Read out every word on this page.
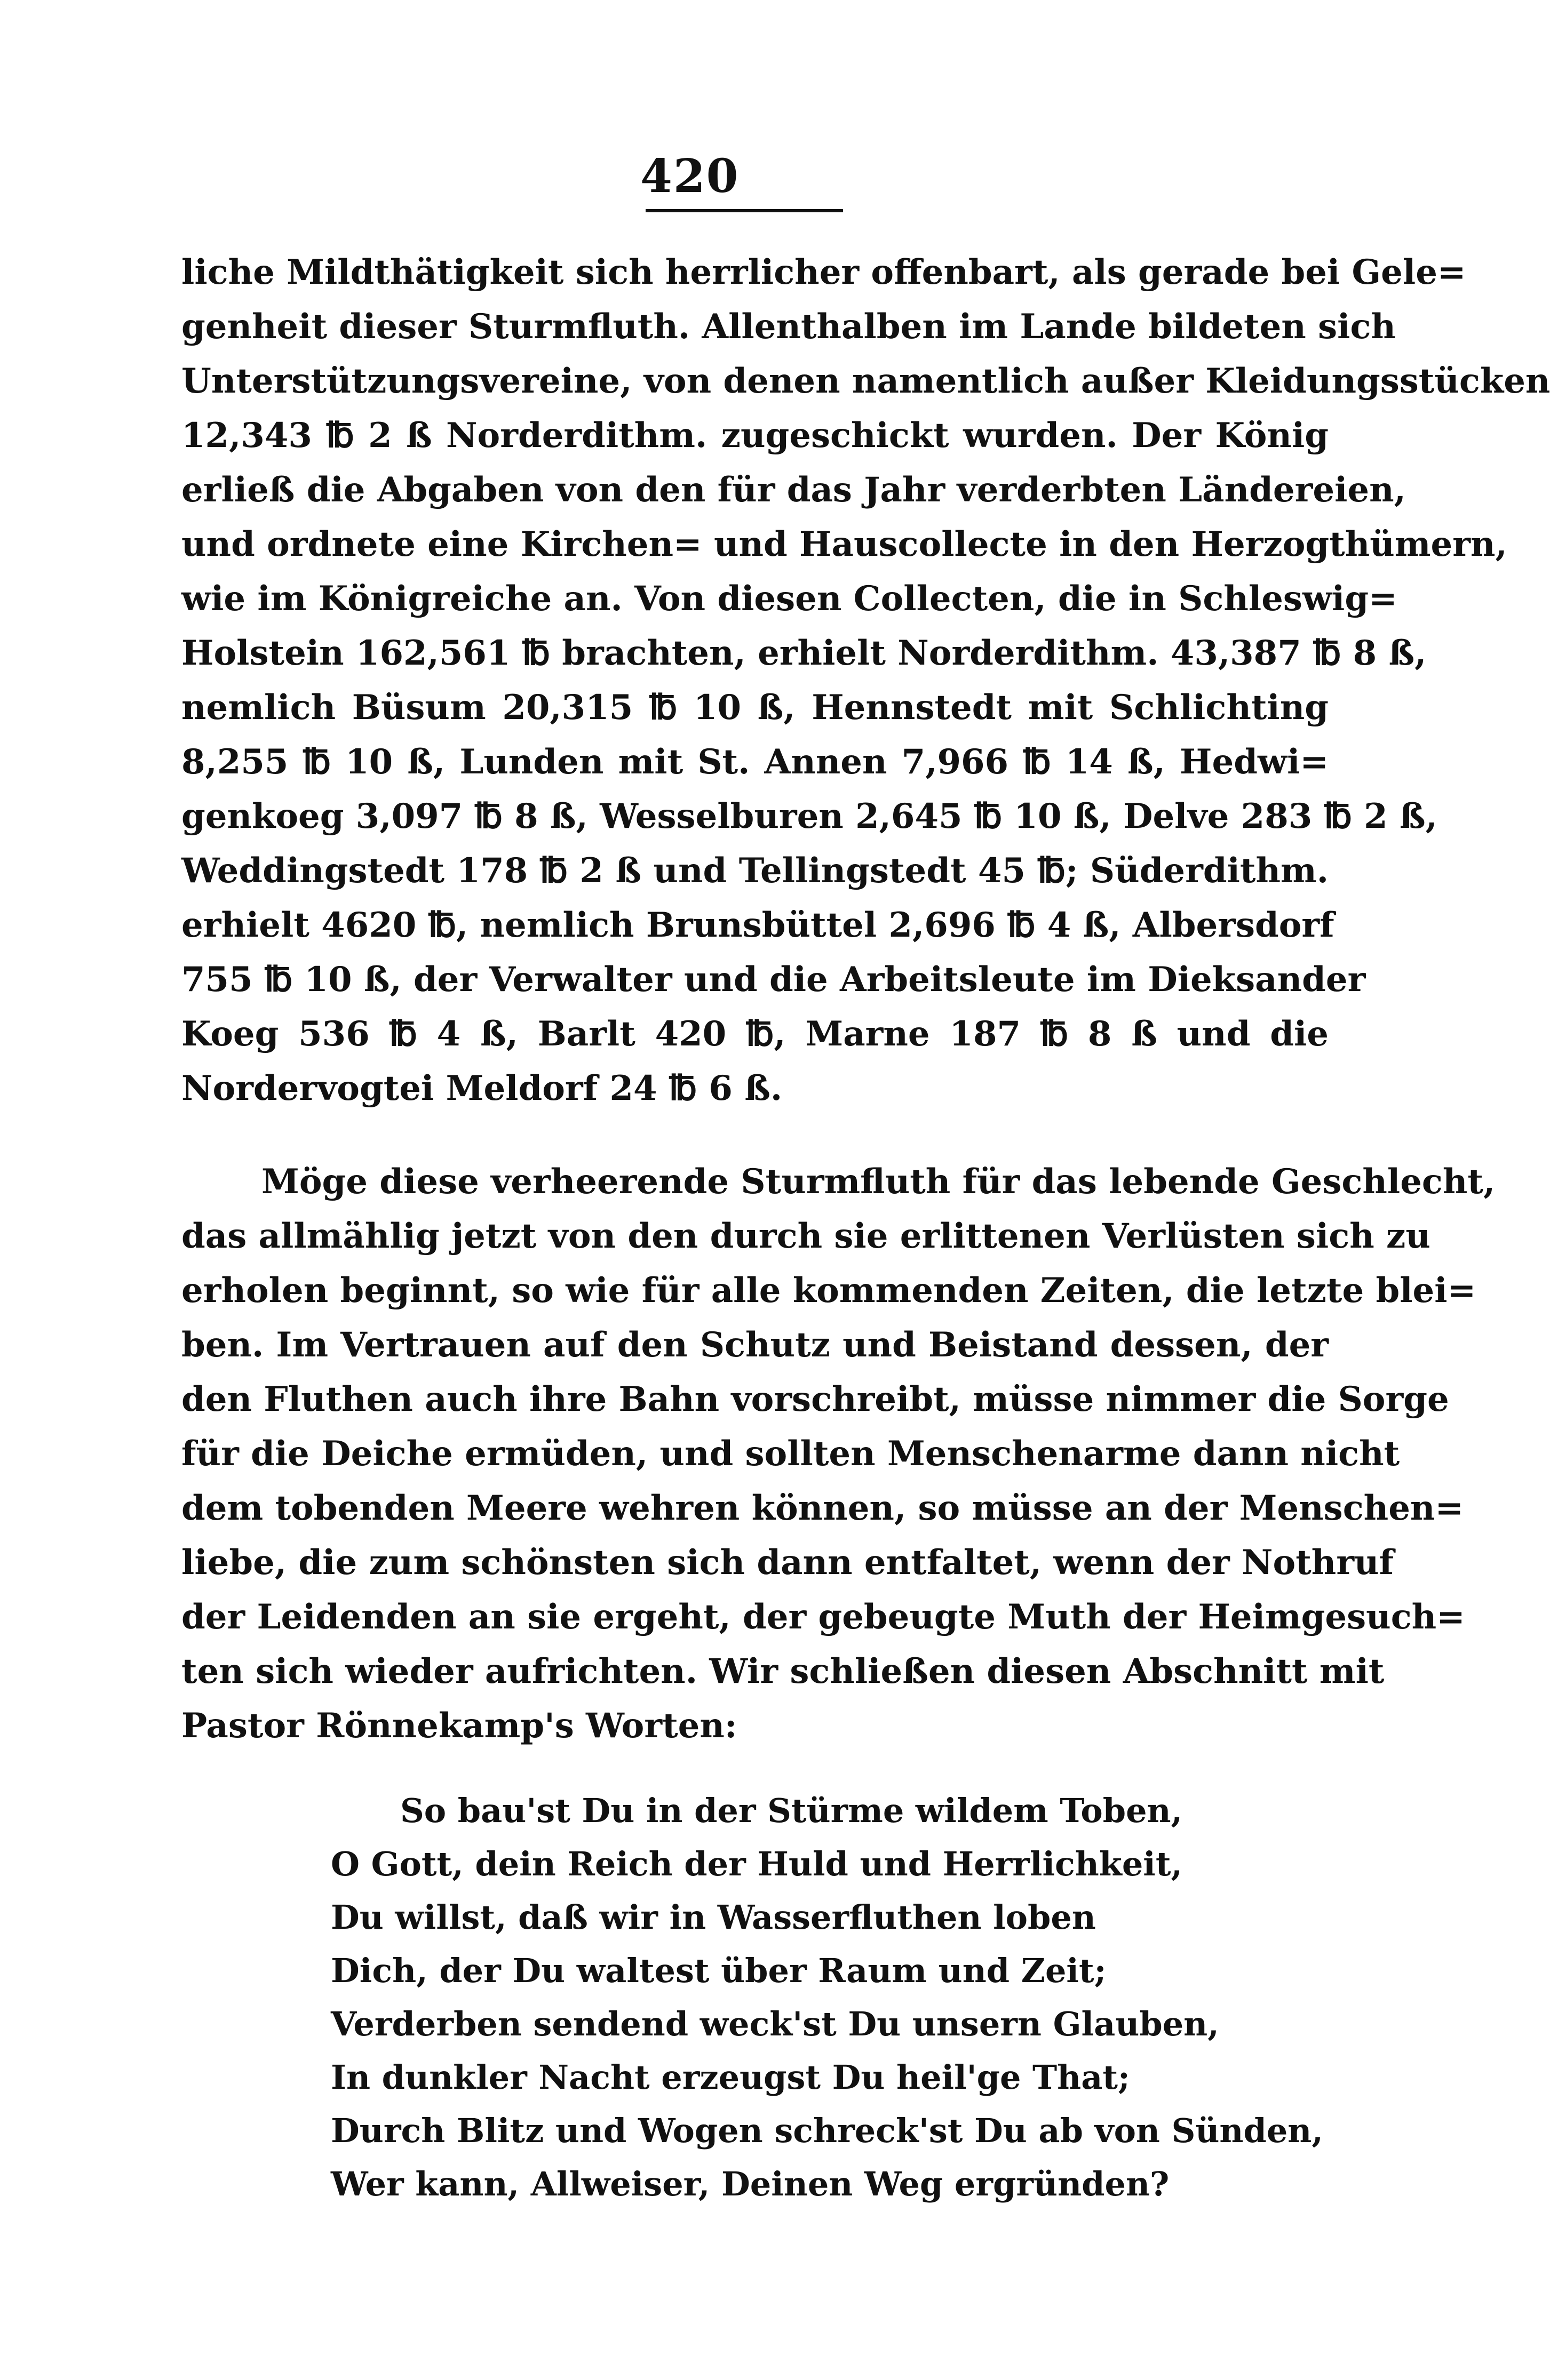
420
liche Mildthätigkeit sich herrlicher offenbart, als gerade bei Gele=
genheit dieser Sturmfluth. Allenthalben im Lande bildeten sich
Unterstützungsvereine, von denen namentlich außer Kleidungsstücken
12,343 ℔ 2 ß Norderdithm. zugeschickt wurden. Der König
erließ die Abgaben von den für das Jahr verderbten Ländereien,
und ordnete eine Kirchen= und Hauscollecte in den Herzogthümern,
wie im Königreiche an. Von diesen Collecten, die in Schleswig=
Holstein 162,561 ℔ brachten, erhielt Norderdithm. 43,387 ℔ 8 ß,
nemlich Büsum 20,315 ℔ 10 ß, Hennstedt mit Schlichting
8,255 ℔ 10 ß, Lunden mit St. Annen 7,966 ℔ 14 ß, Hedwi=
genkoeg 3,097 ℔ 8 ß, Wesselburen 2,645 ℔ 10 ß, Delve 283 ℔ 2 ß,
Weddingstedt 178 ℔ 2 ß und Tellingstedt 45 ℔; Süderdithm.
erhielt 4620 ℔, nemlich Brunsbüttel 2,696 ℔ 4 ß, Albersdorf
755 ℔ 10 ß, der Verwalter und die Arbeitsleute im Dieksander
Koeg 536 ℔ 4 ß, Barlt 420 ℔, Marne 187 ℔ 8 ß und die
Nordervogtei Meldorf 24 ℔ 6 ß.
Möge diese verheerende Sturmfluth für das lebende Geschlecht,
das allmählig jetzt von den durch sie erlittenen Verlüsten sich zu
erholen beginnt, so wie für alle kommenden Zeiten, die letzte blei=
ben. Im Vertrauen auf den Schutz und Beistand dessen, der
den Fluthen auch ihre Bahn vorschreibt, müsse nimmer die Sorge
für die Deiche ermüden, und sollten Menschenarme dann nicht
dem tobenden Meere wehren können, so müsse an der Menschen=
liebe, die zum schönsten sich dann entfaltet, wenn der Nothruf
der Leidenden an sie ergeht, der gebeugte Muth der Heimgesuch=
ten sich wieder aufrichten. Wir schließen diesen Abschnitt mit
Pastor Rönnekamp's Worten:
So bau'st Du in der Stürme wildem Toben,
O Gott, dein Reich der Huld und Herrlichkeit,
Du willst, daß wir in Wasserfluthen loben
Dich, der Du waltest über Raum und Zeit;
Verderben sendend weck'st Du unsern Glauben,
In dunkler Nacht erzeugst Du heil'ge That;
Durch Blitz und Wogen schreck'st Du ab von Sünden,
Wer kann, Allweiser, Deinen Weg ergründen?
